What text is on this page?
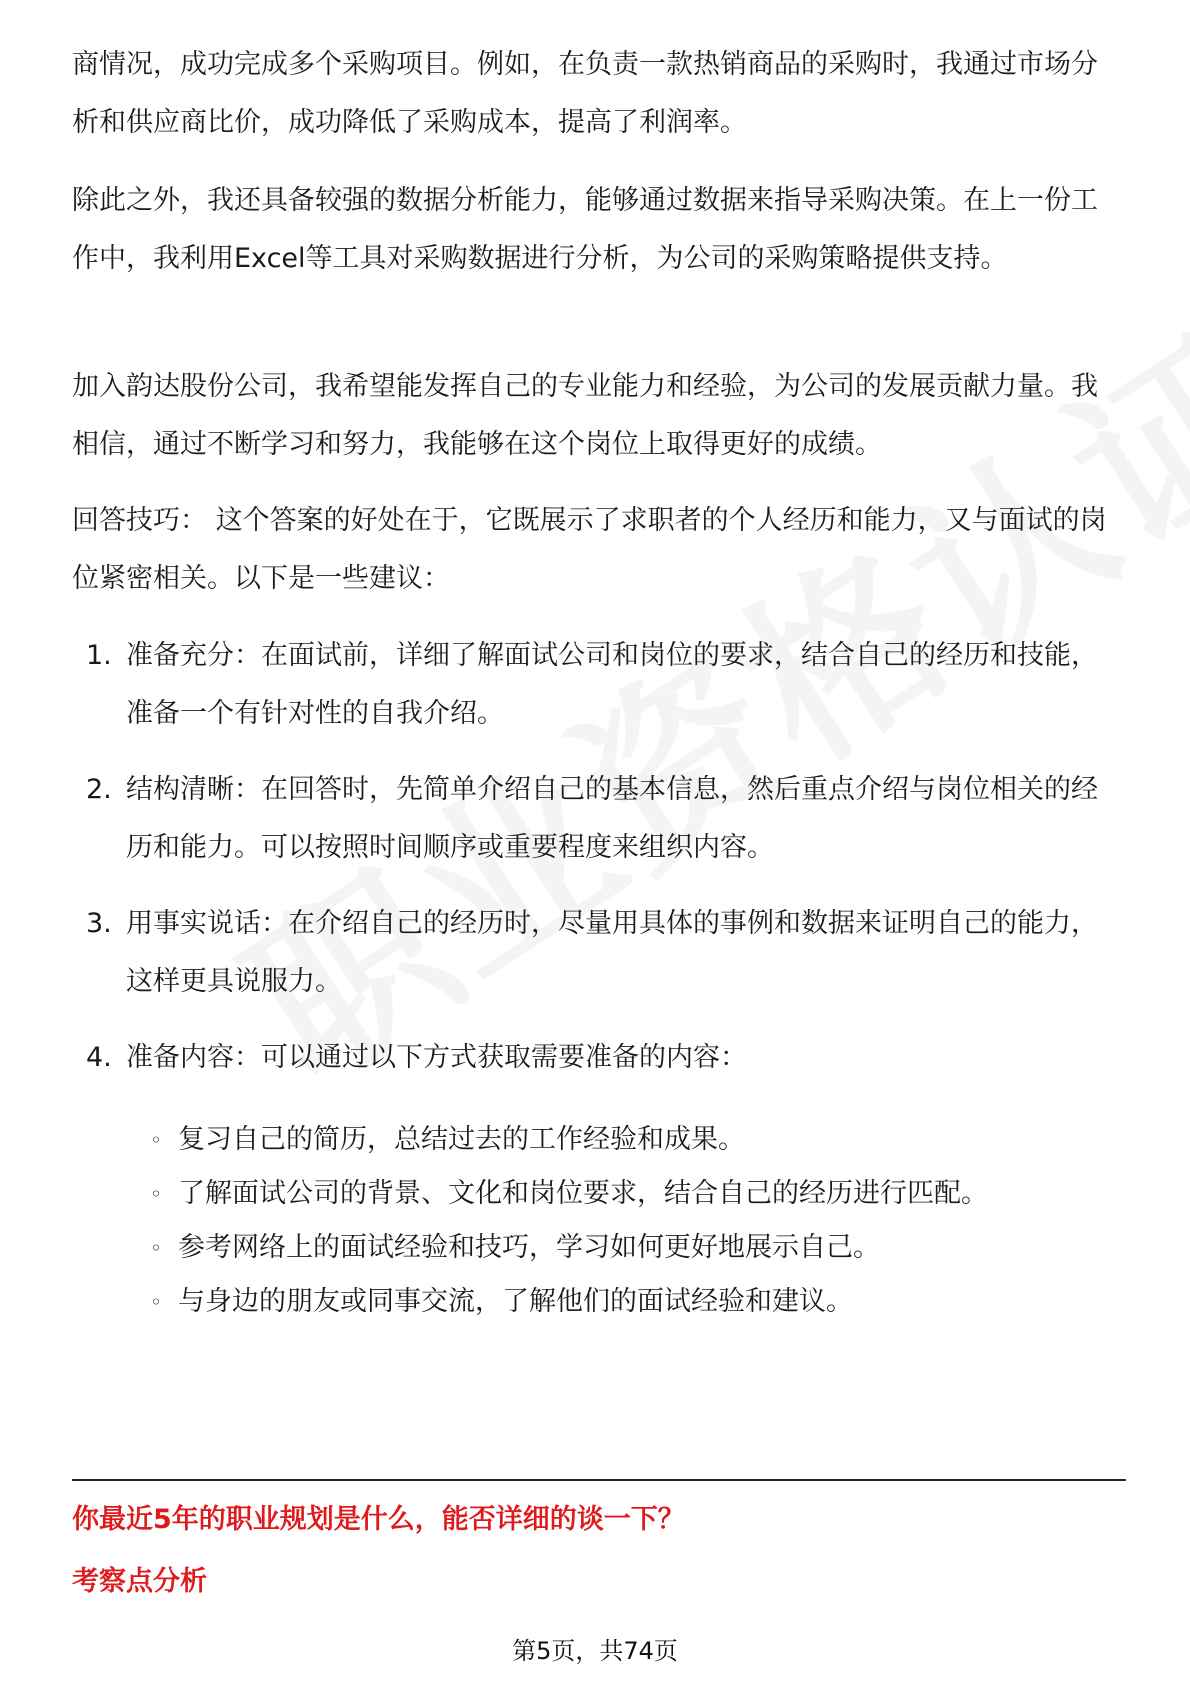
商情况，成功完成多个采购项目。例如，在负责一款热销商品的采购时，我通过市场分析和供应商比价，成功降低了采购成本，提高了利润率。

除此之外，我还具备较强的数据分析能力，能够通过数据来指导采购决策。在上一份工作中，我利用Excel等工具对采购数据进行分析，为公司的采购策略提供支持。

加入韵达股份公司，我希望能发挥自己的专业能力和经验，为公司的发展贡献力量。我相信，通过不断学习和努力，我能够在这个岗位上取得更好的成绩。

回答技巧： 这个答案的好处在于，它既展示了求职者的个人经历和能力，又与面试的岗位紧密相关。以下是一些建议：

1. 准备充分：在面试前，详细了解面试公司和岗位的要求，结合自己的经历和技能，准备一个有针对性的自我介绍。
2. 结构清晰：在回答时，先简单介绍自己的基本信息，然后重点介绍与岗位相关的经历和能力。可以按照时间顺序或重要程度来组织内容。
3. 用事实说话：在介绍自己的经历时，尽量用具体的事例和数据来证明自己的能力，这样更具说服力。
4. 准备内容：可以通过以下方式获取需要准备的内容：
◦ 复习自己的简历，总结过去的工作经验和成果。
◦ 了解面试公司的背景、文化和岗位要求，结合自己的经历进行匹配。
◦ 参考网络上的面试经验和技巧，学习如何更好地展示自己。
◦ 与身边的朋友或同事交流，了解他们的面试经验和建议。

你最近5年的职业规划是什么，能否详细的谈一下？

考察点分析

第5页，共74页
